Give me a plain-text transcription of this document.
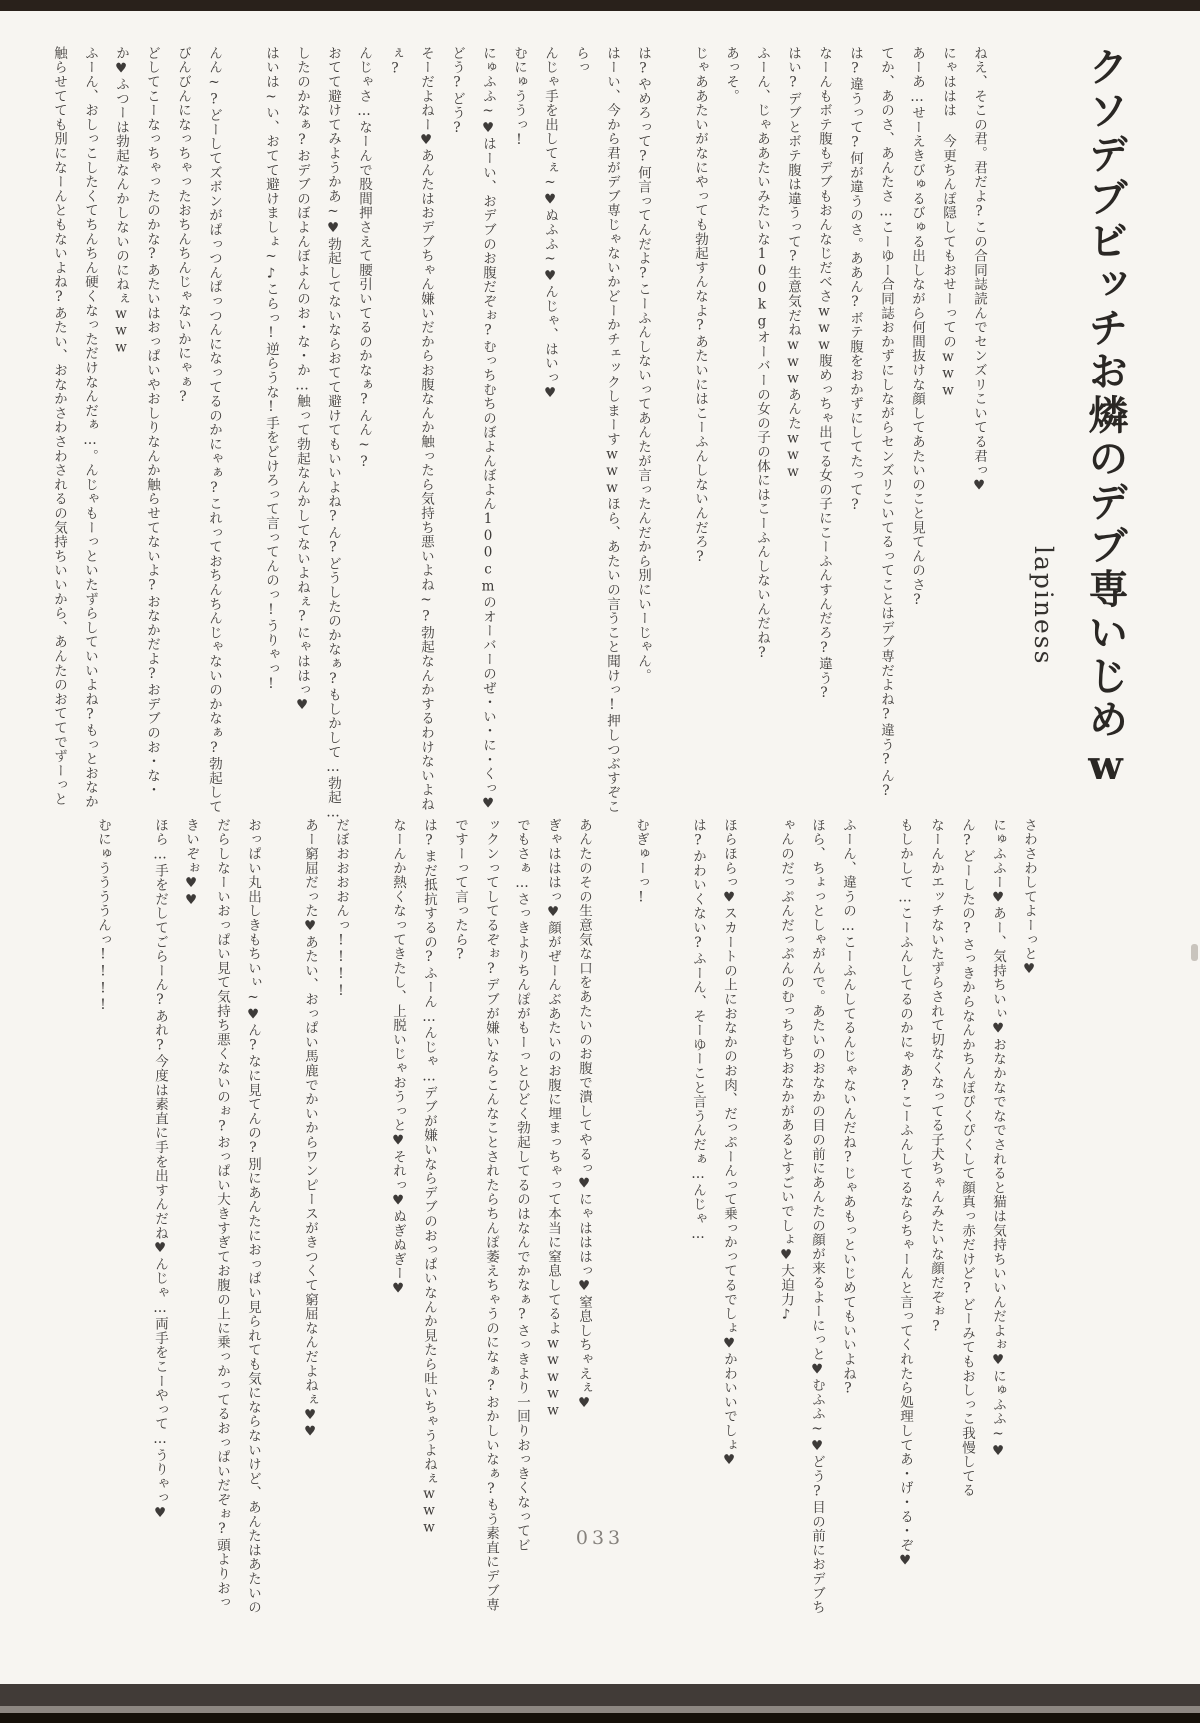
クソデブビッチお燐のデブ専いじめw
lapiness
ねえ、そこの君。君だよ?この合同誌読んでセンズリこいてる君っ♥
にゃははは 今更ちんぽ隠してもおせーってのwww
あーあ…せーえきびゅるびゅる出しながら何間抜けな顔してあたいのこと見てんのさ?
てか、あのさ、あんたさ…こーゆー合同誌おかずにしながらセンズリこいてるってことはデブ専だよね?違う?ん?
は?違うって?何が違うのさ。ああん?ボテ腹をおかずにしてたって?
なーんもボテ腹もデブもおんなじだべさwww腹めっちゃ出てる女の子にこーふんすんだろ?違う?
はい?デブとボテ腹は違うって?生意気だねwwwあんたwww
ふーん、じゃああたいみたいな100kgオーバーの女の子の体にはこーふんしないんだね?
あっそ。
じゃああたいがなにやっても勃起すんなよ?あたいにはこーふんしないんだろ?
は?やめろって?何言ってんだよ?こーふんしないってあんたが言ったんだから別にいーじゃん。
はーい、今から君がデブ専じゃないかどーかチェックしまーすwwwほら、あたいの言うこと聞けっ!押しつぶすぞこ
らっ
んじゃ手を出してぇ~♥ぬふふ~♥んじゃ、はいっ♥
むにゅううっ!
にゅふふ~♥はーい、おデブのお腹だぞぉ?むっちむちのぼよんぼよん100cmのオーバーのぜ・い・に・くっ♥
どう?どう?
そーだよねー♥あんたはおデブちゃん嫌いだからお腹なんか触ったら気持ち悪いよね~?勃起なんかするわけないよね
ぇ?
んじゃさ…なーんで股間押さえて腰引いてるのかなぁ?んん~?
おてて避けてみようかあ~♥勃起してないならおてて避けてもいいよね?ん?どうしたのかなぁ?もしかして…勃起…
したのかなぁ?おデブのぼよんぼよんのお・な・か…触って勃起なんかしてないよねぇ?にゃははっ♥
はいは~い、おてて避けましょ~♪こらっ!逆らうな!手をどけろって言ってんのっ!うりゃっ!
んん~?どーしてズボンがぱっつんぱっつんになってるのかにゃぁ?これっておちんちんじゃないのかなぁ?勃起して
びんびんになっちゃったおちんちんじゃないかにゃぁ?
どしてこーなっちゃったのかな?あたいはおっぱいやおしりなんか触らせてないよ?おなかだよ?おデブのお・な・
か♥ふつーは勃起なんかしないのにねぇwww
ふーん、おしっこしたくてちんちん硬くなっただけなんだぁ…。んじゃもーっといたずらしていいよね?もっとおなか
触らせてても別になーんともないよね?あたい、おなかさわさわされるの気持ちいいから、あんたのおててでずーっと
さわさわしてよーっと♥
にゅふふー♥あー、気持ちいぃ♥おなかなでなでされると猫は気持ちいいんだよぉ♥にゅふふ~♥
ん?どーしたの?さっきからなんかちんぽぴくぴくして顔真っ赤だけど?どーみてもおしっこ我慢してる
なーんかエッチないたずらされて切なくなってる子犬ちゃんみたいな顔だぞぉ?
もしかして…こーふんしてるのかにゃあ?こーふんしてるならちゃーんと言ってくれたら処理してあ・げ・る・ぞ♥
ふーん、違うの…こーふんしてるんじゃないんだね?じゃあもっといじめてもいいよね?
ほら、ちょっとしゃがんで。あたいのおなかの目の前にあんたの顔が来るよーにっと♥むふふ~♥どう?目の前におデブち
ゃんのだっぷんだっぷんのむっちむちおなかがあるとすごいでしょ♥大迫力♪
ほらほらっ♥スカートの上におなかのお肉、だっぷーんって乗っかってるでしょ♥かわいいでしょ♥
は?かわいくない?ふーん、そーゆーこと言うんだぁ…んじゃ…
むぎゅーっ!
あんたのその生意気な口をあたいのお腹で潰してやるっ♥にゃはははっ♥窒息しちゃえぇ♥
ぎゃはははっ♥顔がぜーんぶあたいのお腹に埋まっちゃって本当に窒息してるよwwwww
でもさぁ…さっきよりちんぽがもーっとひどく勃起してるのはなんでかなぁ?さっきより一回りおっきくなってビ
ックンってしてるぞぉ?デブが嫌いならこんなことされたらちんぽ萎えちゃうのになぁ?おかしいなぁ?もう素直にデブ専
ですーって言ったら?
は?まだ抵抗するの?ふーん…んじゃ…デブが嫌いならデブのおっぱいなんか見たら吐いちゃうよねぇwww
なーんか熱くなってきたし、上脱いじゃおうっと♥それっ♥ぬぎぬぎー♥
だぼおおおおんっ!!!!
あー窮屈だった♥あたい、おっぱい馬鹿でかいからワンピースがきつくて窮屈なんだよねぇ♥♥
おっぱい丸出しきもちいぃ~♥ん?なに見てんの?別にあんたにおっぱい見られても気にならないけど、あんたはあたいの
だらしなーいおっぱい見て気持ち悪くないのぉ?おっぱい大きすぎてお腹の上に乗っかってるおっぱいだぞぉ?頭よりおっ
きいぞぉ♥♥
ほら…手をだしてごらーん?あれ?今度は素直に手を出すんだね♥んじゃ…両手をこーやって…うりゃっ♥
むにゅううううんっ!!!!
033
